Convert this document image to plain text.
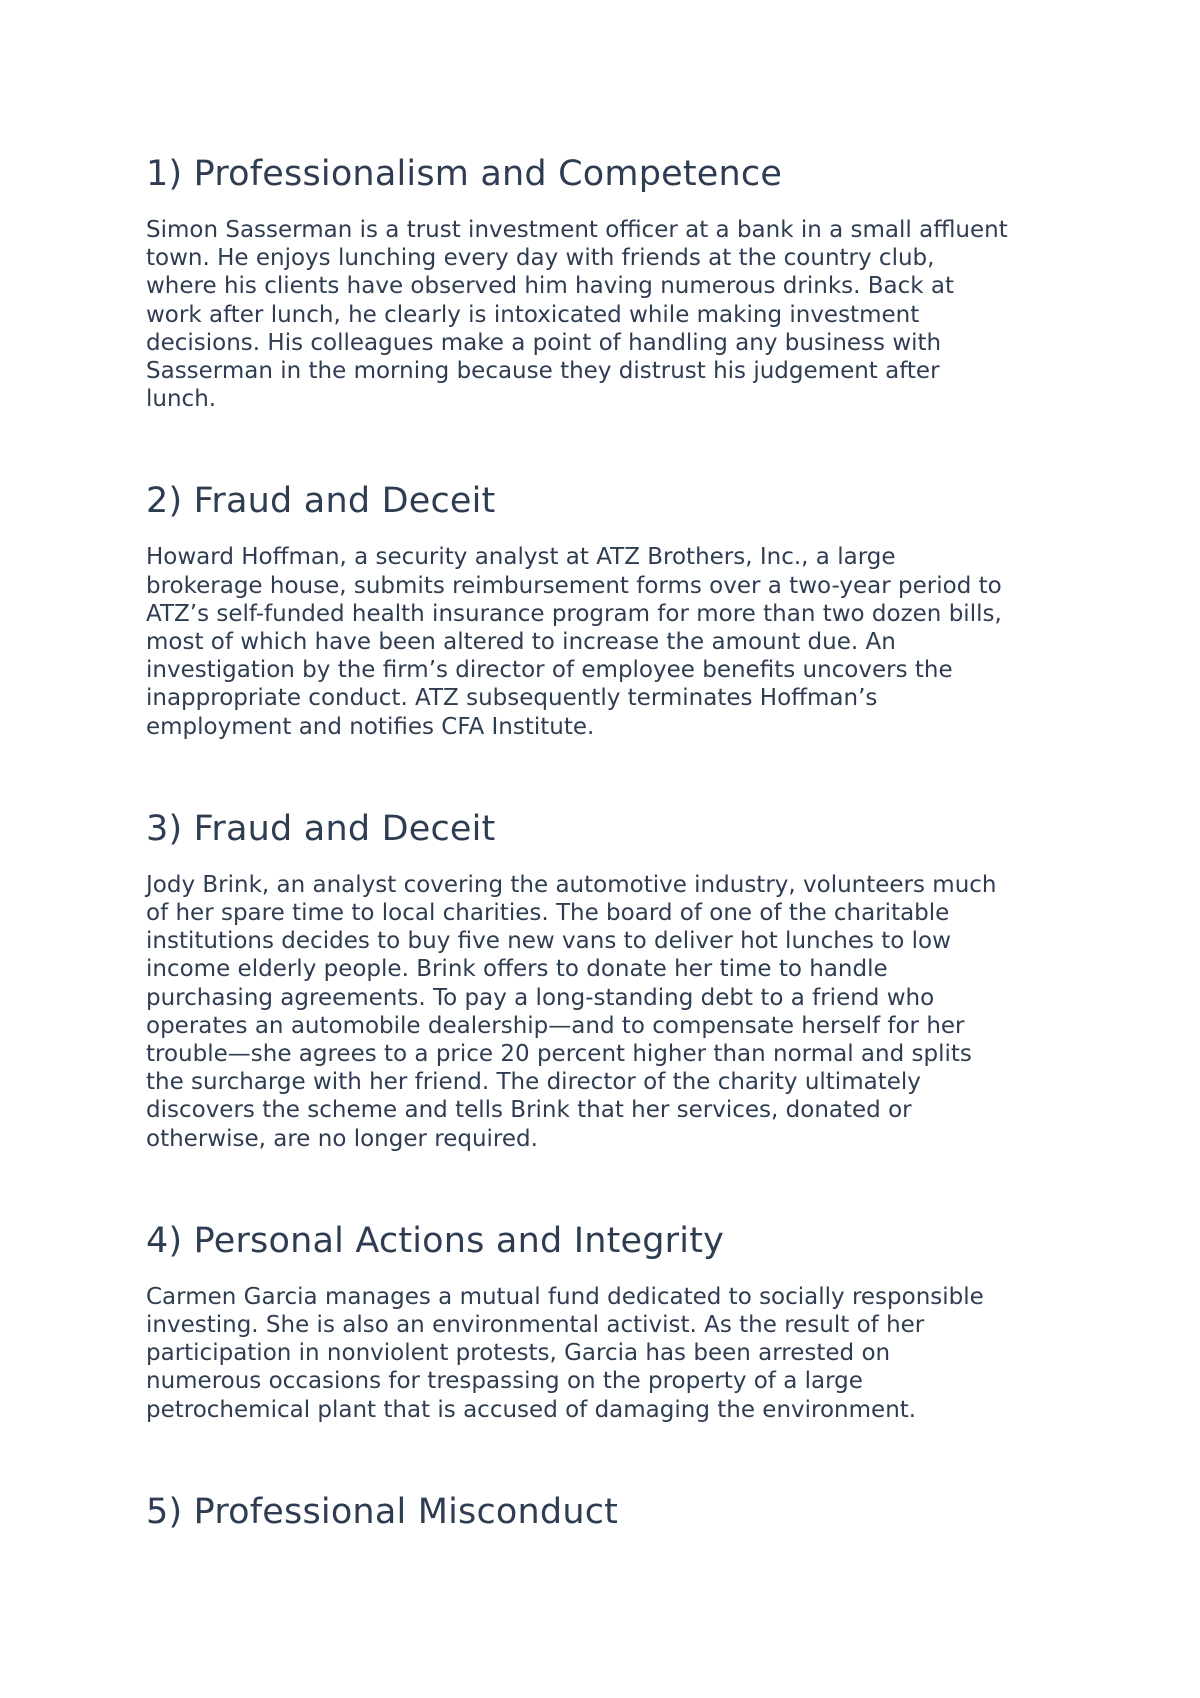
1) Professionalism and Competence

Simon Sasserman is a trust investment officer at a bank in a small affluent
town. He enjoys lunching every day with friends at the country club,
where his clients have observed him having numerous drinks. Back at
work after lunch, he clearly is intoxicated while making investment
decisions. His colleagues make a point of handling any business with
Sasserman in the morning because they distrust his judgement after
lunch.

2) Fraud and Deceit

Howard Hoffman, a security analyst at ATZ Brothers, Inc., a large
brokerage house, submits reimbursement forms over a two-year period to
ATZ’s self-funded health insurance program for more than two dozen bills,
most of which have been altered to increase the amount due. An
investigation by the firm’s director of employee benefits uncovers the
inappropriate conduct. ATZ subsequently terminates Hoffman’s
employment and notifies CFA Institute.

3) Fraud and Deceit

Jody Brink, an analyst covering the automotive industry, volunteers much
of her spare time to local charities. The board of one of the charitable
institutions decides to buy five new vans to deliver hot lunches to low
income elderly people. Brink offers to donate her time to handle
purchasing agreements. To pay a long-standing debt to a friend who
operates an automobile dealership—and to compensate herself for her
trouble—she agrees to a price 20 percent higher than normal and splits
the surcharge with her friend. The director of the charity ultimately
discovers the scheme and tells Brink that her services, donated or
otherwise, are no longer required.

4) Personal Actions and Integrity

Carmen Garcia manages a mutual fund dedicated to socially responsible
investing. She is also an environmental activist. As the result of her
participation in nonviolent protests, Garcia has been arrested on
numerous occasions for trespassing on the property of a large
petrochemical plant that is accused of damaging the environment.

5) Professional Misconduct
